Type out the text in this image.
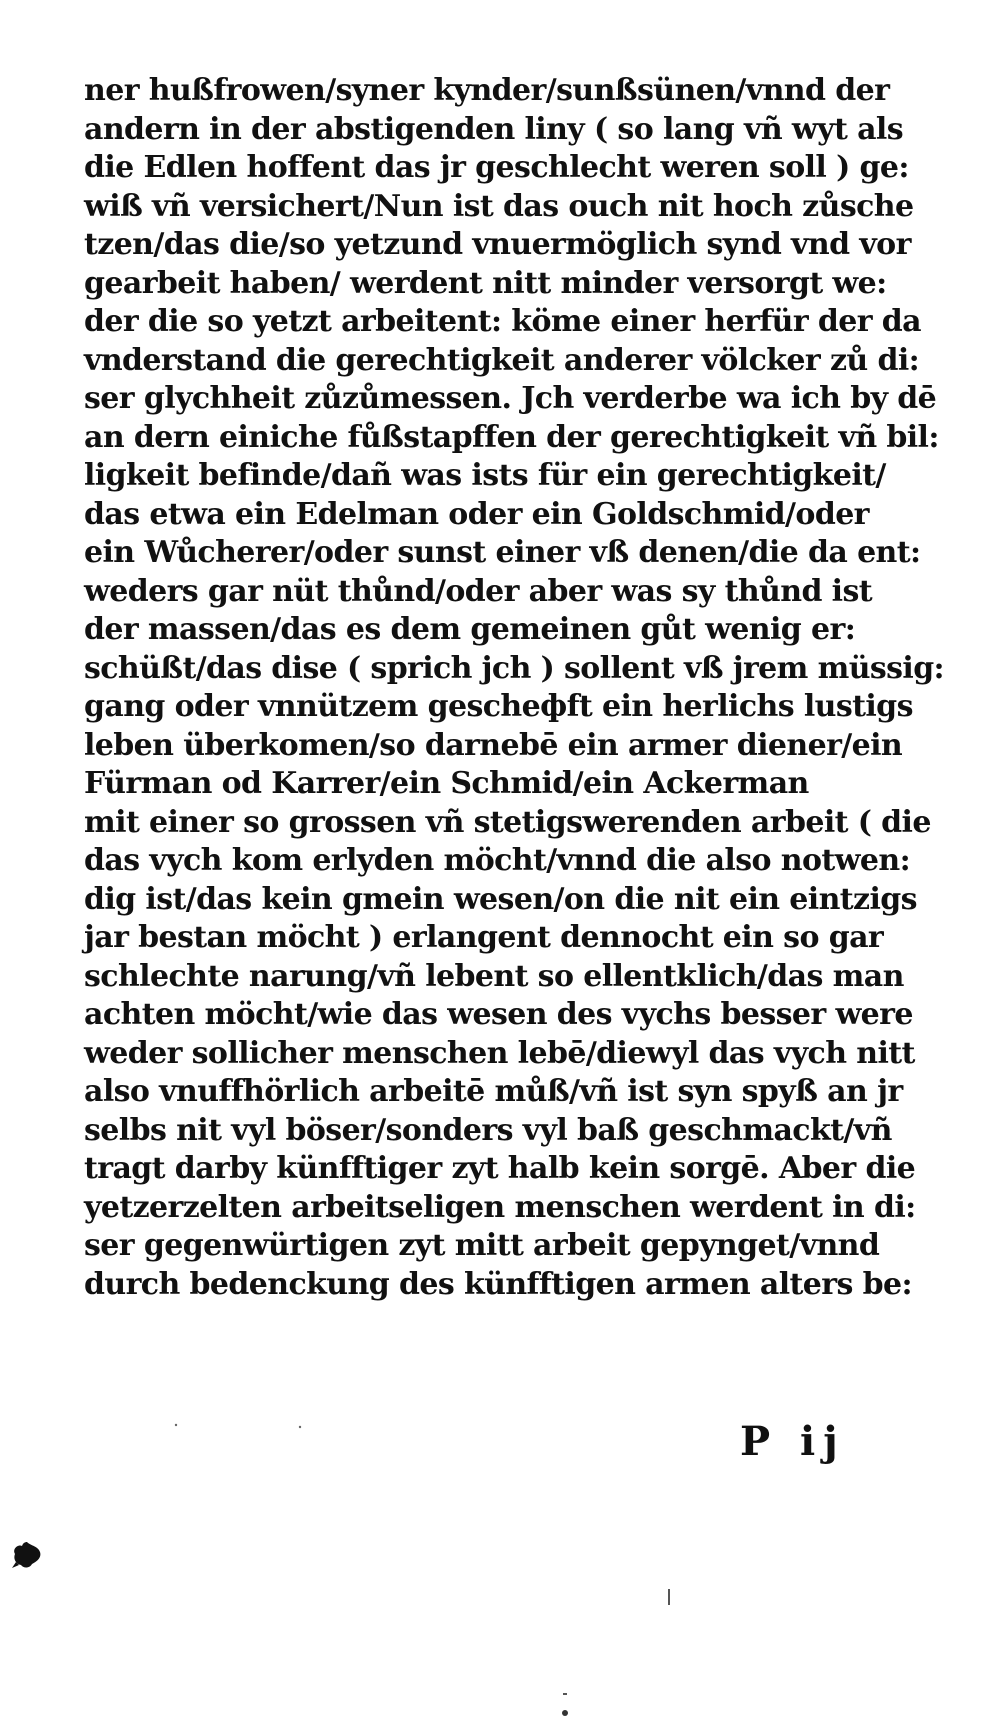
ner hußfrowen/syner kynder/sunßsünen/vnnd der
andern in der abstigenden liny ( so lang vñ wyt als
die Edlen hoffent das jr geschlecht weren soll ) ge:
wiß vñ versichert/Nun ist das ouch nit hoch zůsche
tzen/das die/so yetzund vnuermöglich synd vnd vor
gearbeit haben/ werdent nitt minder versorgt we:
der die so yetzt arbeitent: köme einer herfür der da
vnderstand die gerechtigkeit anderer völcker zů di:
ser glychheit zůzůmessen. Jch verderbe wa ich by dē
an dern einiche fůßstapffen der gerechtigkeit vñ bil:
ligkeit befinde/dañ was ists für ein gerechtigkeit/
das etwa ein Edelman oder ein Goldschmid/oder
ein Wůcherer/oder sunst einer vß denen/die da ent:
weders gar nüt thůnd/oder aber was sy thůnd ist
der massen/das es dem gemeinen gůt wenig er:
schüßt/das dise ( sprich jch ) sollent vß jrem müssig:
gang oder vnnützem gescheфft ein herlichs lustigs
leben überkomen/so darnebē ein armer diener/ein
Fürman od Karrer/ein Schmid/ein Ackerman
mit einer so grossen vñ stetigswerenden arbeit ( die
das vych kom erlyden möcht/vnnd die also notwen:
dig ist/das kein gmein wesen/on die nit ein eintzigs
jar bestan möcht ) erlangent dennocht ein so gar
schlechte narung/vñ lebent so ellentklich/das man
achten möcht/wie das wesen des vychs besser were
weder sollicher menschen lebē/diewyl das vych nitt
also vnuffhörlich arbeitē můß/vñ ist syn spyß an jr
selbs nit vyl böser/sonders vyl baß geschmackt/vñ
tragt darby künfftiger zyt halb kein sorgē. Aber die
yetzerzelten arbeitseligen menschen werdent in di:
ser gegenwürtigen zyt mitt arbeit gepynget/vnnd
durch bedenckung des künfftigen armen alters be:
P ij
